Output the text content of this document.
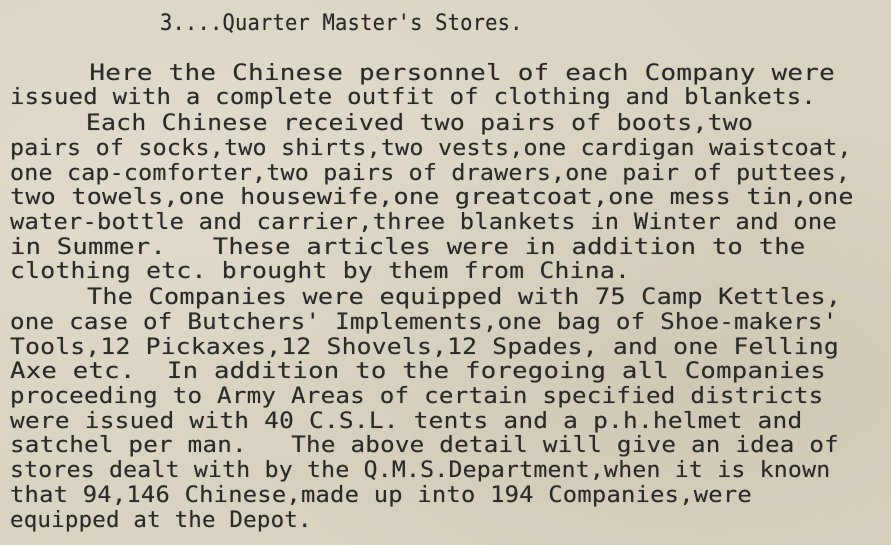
3....Quarter Master's Stores.
Here the Chinese personnel of each Company were
issued with a complete outfit of clothing and blankets.
Each Chinese received two pairs of boots,two
pairs of socks,two shirts,two vests,one cardigan waistcoat,
one cap-comforter,two pairs of drawers,one pair of puttees,
two towels,one housewife,one greatcoat,one mess tin,one
water-bottle and carrier,three blankets in Winter and one
in Summer.   These articles were in addition to the
clothing etc. brought by them from China.
The Companies were equipped with 75 Camp Kettles,
one case of Butchers' Implements,one bag of Shoe-makers'
Tools,12 Pickaxes,12 Shovels,12 Spades, and one Felling
Axe etc.  In addition to the foregoing all Companies
proceeding to Army Areas of certain specified districts
were issued with 40 C.S.L. tents and a p.h.helmet and
satchel per man.   The above detail will give an idea of
stores dealt with by the Q.M.S.Department,when it is known
that 94,146 Chinese,made up into 194 Companies,were
equipped at the Depot.
